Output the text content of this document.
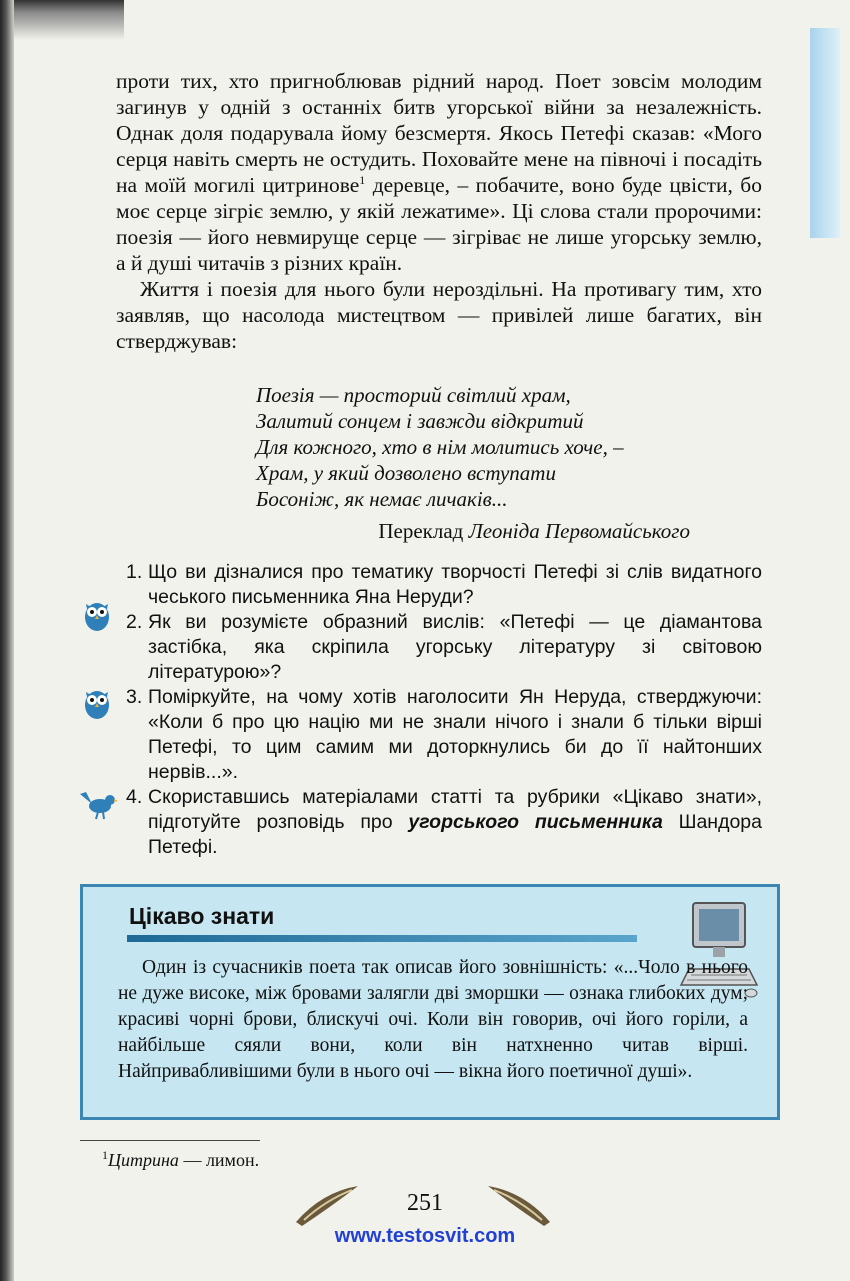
проти тих, хто пригноблював рідний народ. Поет зовсім молодим загинув у одній з останніх битв угорської війни за незалежність. Однак доля подарувала йому безсмертя. Якось Петефі сказав: «Мого серця навіть смерть не остудить. Поховайте мене на півночі і посадіть на моїй могилі цитринове$^1$ деревце, – побачите, воно буде цвісти, бо моє серце зігріє землю, у якій лежатиме». Ці слова стали пророчими: поезія — його невмируще серце — зігріває не лише угорську землю, а й душі читачів з різних країн.

Життя і поезія для нього були нероздільні. На противагу тим, хто заявляв, що насолода мистецтвом — привілей лише багатих, він стверджував:

Поезія — просторий світлий храм,
Залитий сонцем і завжди відкритий
Для кожного, хто в нім молитись хоче, –
Храм, у який дозволено вступати
Босоніж, як немає личаків...
Переклад Леоніда Первомайського
1. Що ви дізналися про тематику творчості Петефі зі слів видатного чеського письменника Яна Неруди?
2. Як ви розумієте образний вислів: «Петефі — це діамантова застібка, яка скріпила угорську літературу зі світовою літературою»?
3. Поміркуйте, на чому хотів наголосити Ян Неруда, стверджуючи: «Коли б про цю націю ми не знали нічого і знали б тільки вірші Петефі, то цим самим ми доторкнулись би до її найтонших нервів...».
4. Скориставшись матеріалами статті та рубрики «Цікаво знати», підготуйте розповідь про угорського письменника Шандора Петефі.
Цікаво знати

Один із сучасників поета так описав його зовнішність: «...Чоло в нього не дуже високе, між бровами залягли дві зморшки — ознака глибоких дум; красиві чорні брови, блискучі очі. Коли він говорив, очі його горіли, а найбільше сяяли вони, коли він натхненно читав вірші. Найпривабливішими були в нього очі — вікна його поетичної душі».

$^1$Цитрина — лимон.
251
www.testosvit.com
